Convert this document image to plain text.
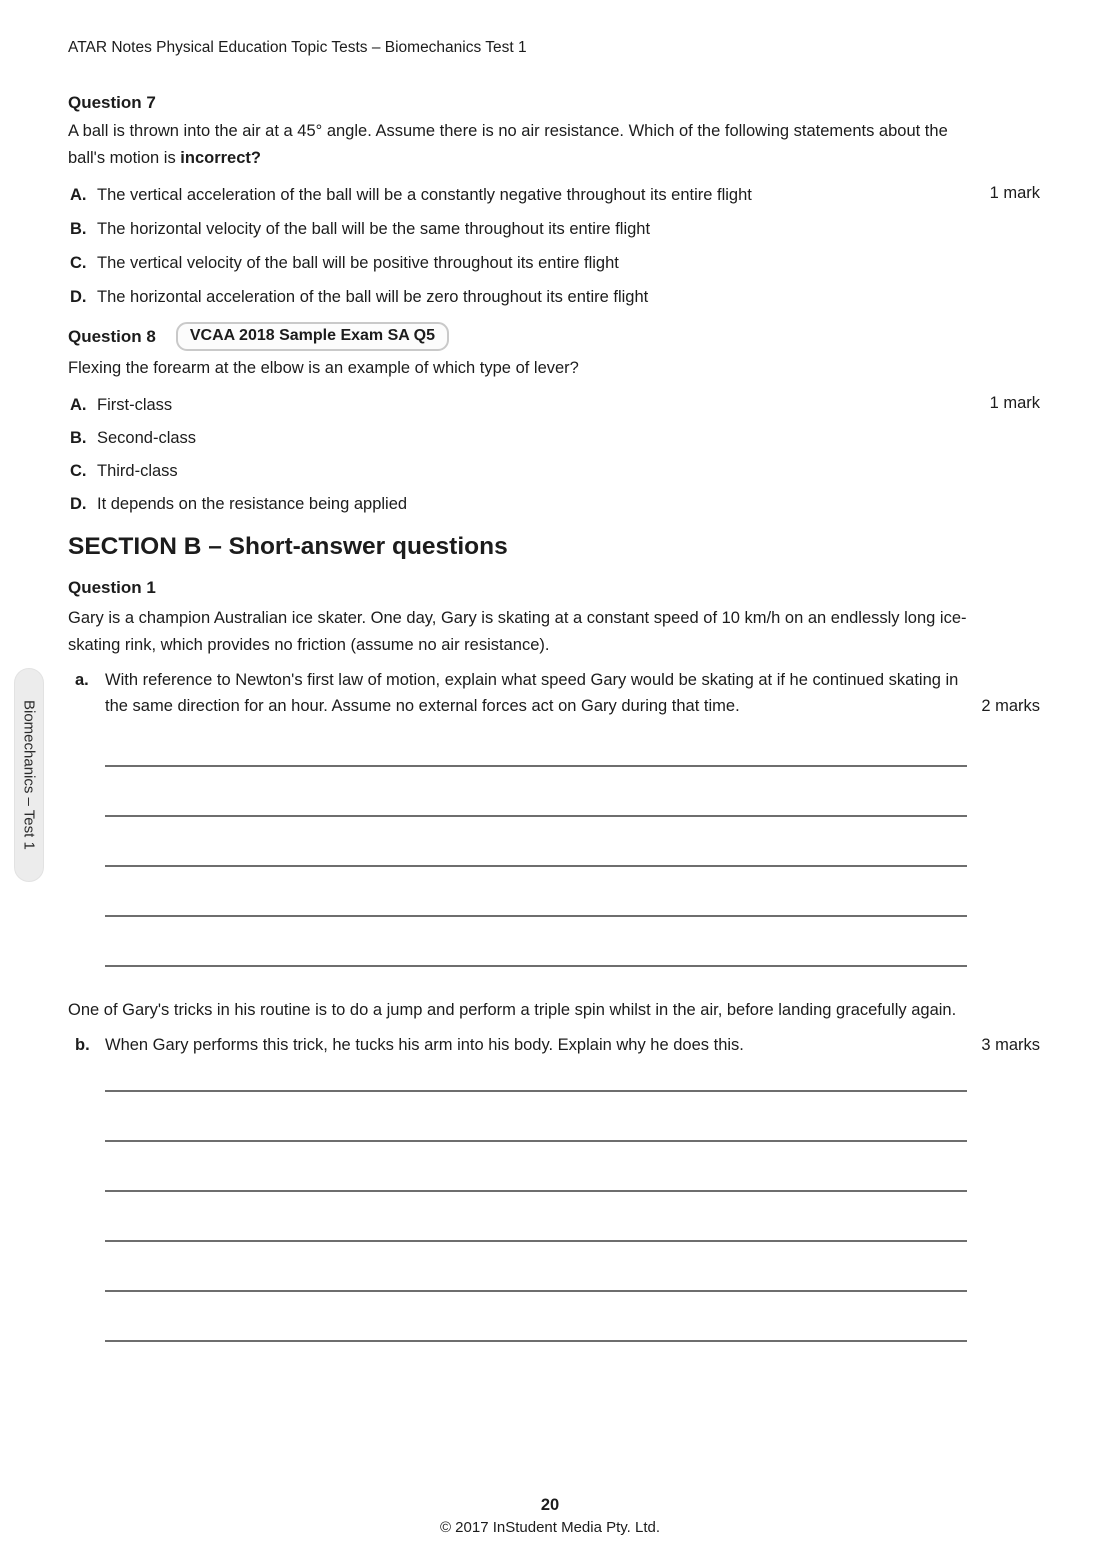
ATAR Notes Physical Education Topic Tests – Biomechanics Test 1
Question 7
A ball is thrown into the air at a 45° angle. Assume there is no air resistance. Which of the following statements about the ball's motion is incorrect?
1 mark
A. The vertical acceleration of the ball will be a constantly negative throughout its entire flight
B. The horizontal velocity of the ball will be the same throughout its entire flight
C. The vertical velocity of the ball will be positive throughout its entire flight
D. The horizontal acceleration of the ball will be zero throughout its entire flight
Question 8	VCAA 2018 Sample Exam SA Q5
Flexing the forearm at the elbow is an example of which type of lever?
1 mark
A. First-class
B. Second-class
C. Third-class
D. It depends on the resistance being applied
SECTION B – Short-answer questions
Question 1
Gary is a champion Australian ice skater. One day, Gary is skating at a constant speed of 10 km/h on an endlessly long ice-skating rink, which provides no friction (assume no air resistance).
a. With reference to Newton's first law of motion, explain what speed Gary would be skating at if he continued skating in the same direction for an hour. Assume no external forces act on Gary during that time.	2 marks
One of Gary's tricks in his routine is to do a jump and perform a triple spin whilst in the air, before landing gracefully again.
b. When Gary performs this trick, he tucks his arm into his body. Explain why he does this.	3 marks
Biomechanics – Test 1
20
© 2017 InStudent Media Pty. Ltd.
